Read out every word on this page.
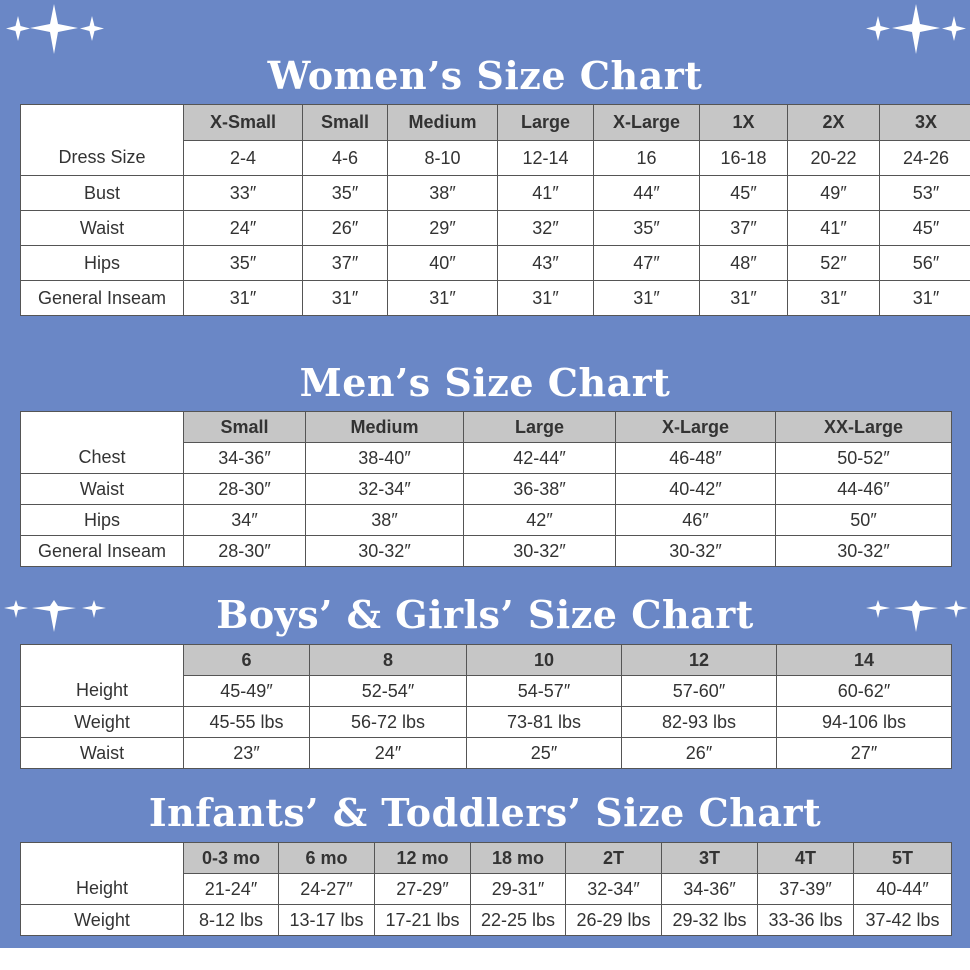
Women’s Size Chart
	X-Small	Small	Medium	Large	X-Large	1X	2X	3X
Dress Size	2-4	4-6	8-10	12-14	16	16-18	20-22	24-26
Bust	33″	35″	38″	41″	44″	45″	49″	53″
Waist	24″	26″	29″	32″	35″	37″	41″	45″
Hips	35″	37″	40″	43″	47″	48″	52″	56″
General Inseam	31″	31″	31″	31″	31″	31″	31″	31″
Men’s Size Chart
	Small	Medium	Large	X-Large	XX-Large
Chest	34-36″	38-40″	42-44″	46-48″	50-52″
Waist	28-30″	32-34″	36-38″	40-42″	44-46″
Hips	34″	38″	42″	46″	50″
General Inseam	28-30″	30-32″	30-32″	30-32″	30-32″
Boys’ & Girls’ Size Chart
	6	8	10	12	14
Height	45-49″	52-54″	54-57″	57-60″	60-62″
Weight	45-55 lbs	56-72 lbs	73-81 lbs	82-93 lbs	94-106 lbs
Waist	23″	24″	25″	26″	27″
Infants’ & Toddlers’ Size Chart
	0-3 mo	6 mo	12 mo	18 mo	2T	3T	4T	5T
Height	21-24″	24-27″	27-29″	29-31″	32-34″	34-36″	37-39″	40-44″
Weight	8-12 lbs	13-17 lbs	17-21 lbs	22-25 lbs	26-29 lbs	29-32 lbs	33-36 lbs	37-42 lbs
